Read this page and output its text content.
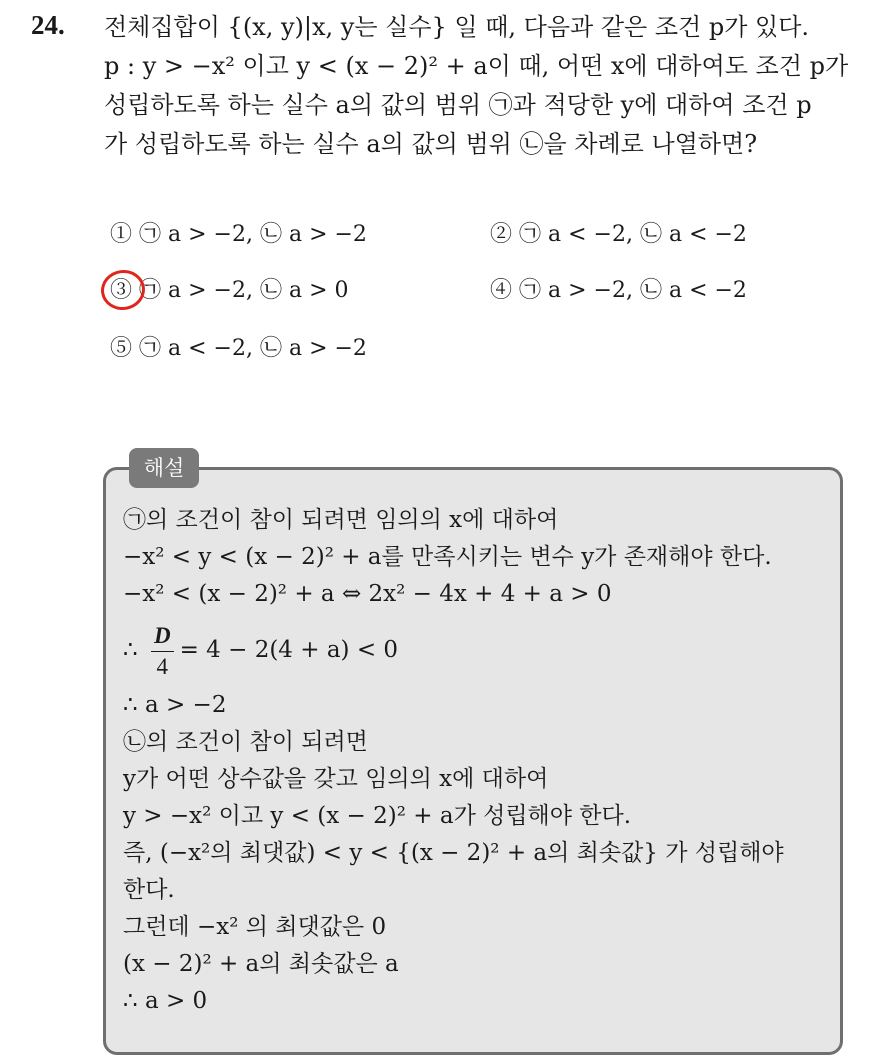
24. 전체집합이 {(x, y)|x, y는 실수} 일 때, 다음과 같은 조건 p가 있다.
p : y > −x² 이고 y < (x − 2)² + a이 때, 어떤 x에 대하여도 조건 p가
성립하도록 하는 실수 a의 값의 범위 ㉠과 적당한 y에 대하여 조건 p
가 성립하도록 하는 실수 a의 값의 범위 ㉡을 차례로 나열하면?
① ㉠ a > −2, ㉡ a > −2	② ㉠ a < −2, ㉡ a < −2
③ ㉠ a > −2, ㉡ a > 0	④ ㉠ a > −2, ㉡ a < −2
⑤ ㉠ a < −2, ㉡ a > −2
해설
㉠의 조건이 참이 되려면 임의의 x에 대하여
−x² < y < (x − 2)² + a를 만족시키는 변수 y가 존재해야 한다.
−x² < (x − 2)² + a ⇔ 2x² − 4x + 4 + a > 0
∴ $\frac{D}{4} = 4 - 2(4 + a) < 0$
∴ a > −2
㉡의 조건이 참이 되려면
y가 어떤 상수값을 갖고 임의의 x에 대하여
y > −x² 이고 y < (x − 2)² + a가 성립해야 한다.
즉, (−x²의 최댓값) < y < {(x − 2)² + a의 최솟값} 가 성립해야
한다.
그런데 −x² 의 최댓값은 0
(x − 2)² + a의 최솟값은 a
∴ a > 0
